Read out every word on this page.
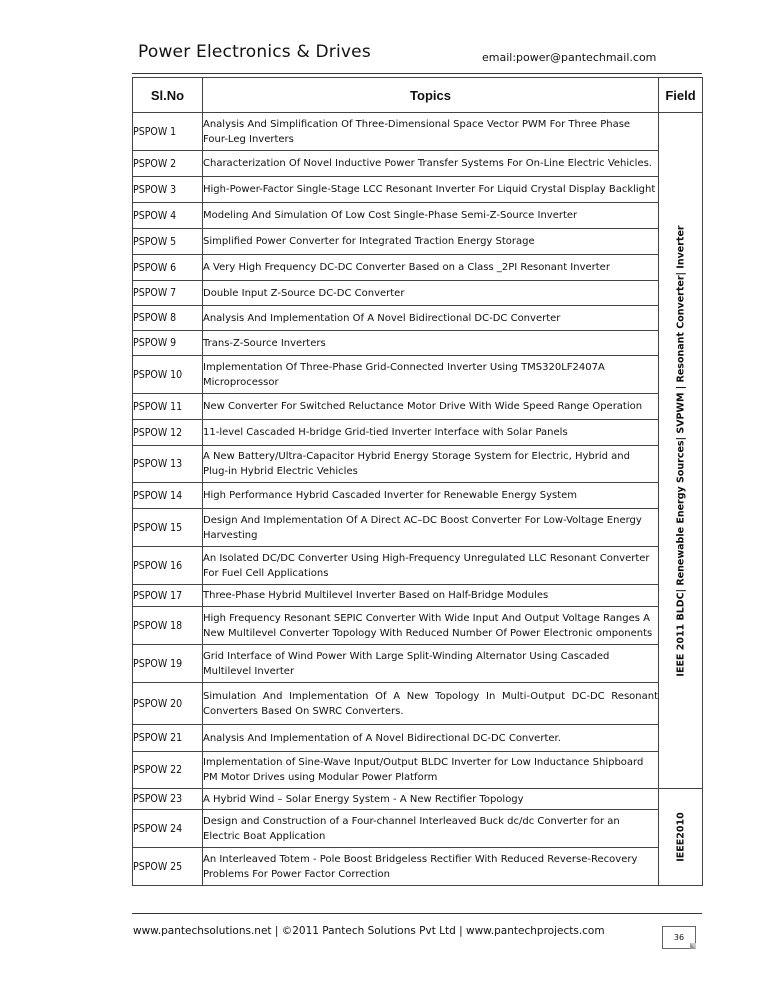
Power Electronics & Drives	email:power@pantechmail.com
Sl.No	Topics	Field
PSPOW 1	Analysis And Simplification Of Three-Dimensional Space Vector PWM For Three Phase Four-Leg Inverters	IEEE 2011 BLDC| Renewable Energy Sources| SVPWM | Resonant Converter| Inverter

PSPOW 2	Characterization Of Novel Inductive Power Transfer Systems For On-Line Electric Vehicles.	
PSPOW 3	High-Power-Factor Single-Stage LCC Resonant Inverter For Liquid Crystal Display Backlight	
PSPOW 4	Modeling And Simulation Of Low Cost Single-Phase Semi-Z-Source Inverter	
PSPOW 5	Simplified Power Converter for Integrated Traction Energy Storage	
PSPOW 6	A Very High Frequency DC-DC Converter Based on a Class _2PI Resonant Inverter	
PSPOW 7	Double Input Z-Source DC-DC Converter	
PSPOW 8	Analysis And Implementation Of A Novel Bidirectional DC-DC Converter	
PSPOW 9	Trans-Z-Source Inverters	
PSPOW 10	Implementation Of Three-Phase Grid-Connected Inverter Using TMS320LF2407A Microprocessor	
PSPOW 11	New Converter For Switched Reluctance Motor Drive With Wide Speed Range Operation	
PSPOW 12	11-level Cascaded H-bridge Grid-tied Inverter Interface with Solar Panels	
PSPOW 13	A New Battery/Ultra-Capacitor Hybrid Energy Storage System for Electric, Hybrid and Plug-in Hybrid Electric Vehicles	
PSPOW 14	High Performance Hybrid Cascaded Inverter for Renewable Energy System	
PSPOW 15	Design And Implementation Of A Direct AC–DC Boost Converter For Low-Voltage Energy Harvesting	
PSPOW 16	An Isolated DC/DC Converter Using High-Frequency Unregulated LLC Resonant Converter For Fuel Cell Applications	
PSPOW 17	Three-Phase Hybrid Multilevel Inverter Based on Half-Bridge Modules	
PSPOW 18	High Frequency Resonant SEPIC Converter With Wide Input And Output Voltage Ranges A New Multilevel Converter Topology With Reduced Number Of Power Electronic omponents	
PSPOW 19	Grid Interface of Wind Power With Large Split-Winding Alternator Using Cascaded Multilevel Inverter	
PSPOW 20	Simulation And Implementation Of A New Topology In Multi-Output DC-DC Resonant Converters Based On SWRC Converters.	
PSPOW 21	Analysis And Implementation of A Novel Bidirectional DC-DC Converter.	
PSPOW 22	Implementation of Sine-Wave Input/Output BLDC Inverter for Low Inductance Shipboard PM Motor Drives using Modular Power Platform	
PSPOW 23	A Hybrid Wind – Solar Energy System - A New Rectifier Topology	IEEE2010

PSPOW 24	Design and Construction of a Four-channel Interleaved Buck dc/dc Converter for an Electric Boat Application	
PSPOW 25	An Interleaved Totem - Pole Boost Bridgeless Rectifier With Reduced Reverse-Recovery Problems For Power Factor Correction	
www.pantechsolutions.net | ©2011 Pantech Solutions Pvt Ltd | www.pantechprojects.com
36
